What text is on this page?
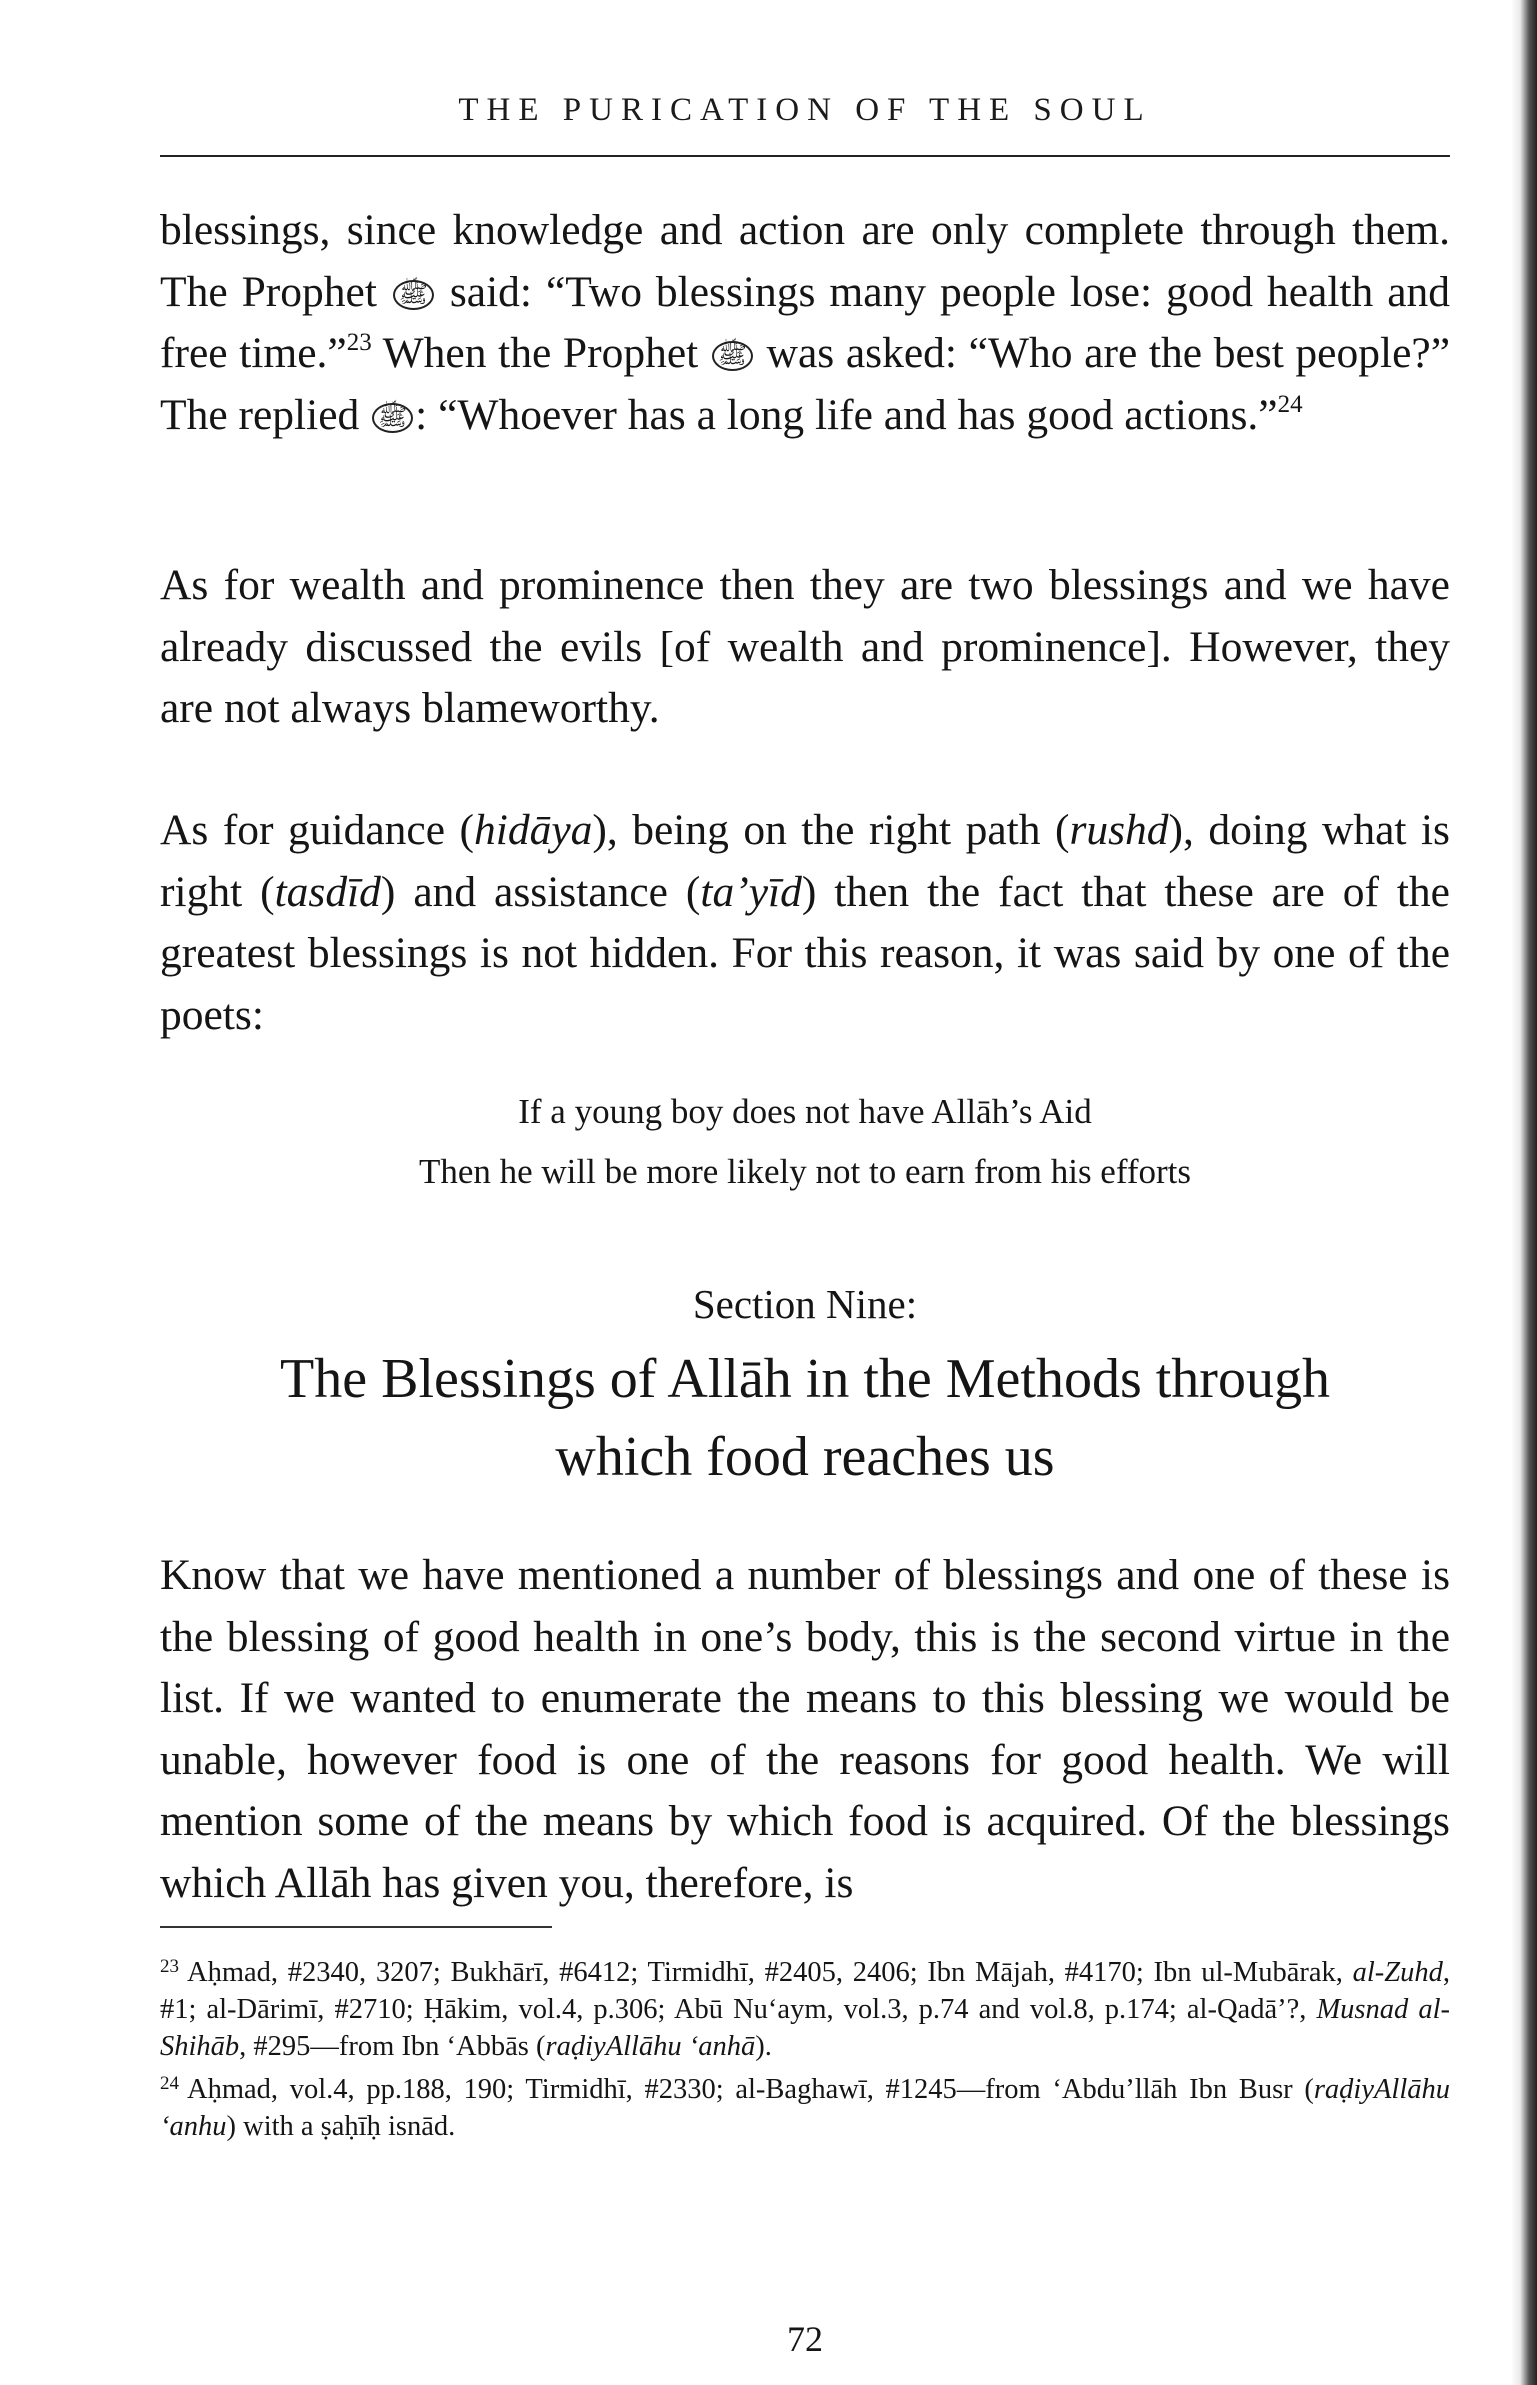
THE PURICATION OF THE SOUL

blessings, since knowledge and action are only complete through them. The Prophet ﷺ said: “Two blessings many people lose: good health and free time.”$^{23}$ When the Prophet ﷺ was asked: “Who are the best people?” The replied ﷺ : “Whoever has a long life and has good actions.”$^{24}$

As for wealth and prominence then they are two blessings and we have already discussed the evils [of wealth and prominence]. However, they are not always blameworthy.

As for guidance (hidāya), being on the right path (rushd), doing what is right (tasdīd) and assistance (ta’yīd) then the fact that these are of the greatest blessings is not hidden. For this reason, it was said by one of the poets:

If a young boy does not have Allāh’s Aid
Then he will be more likely not to earn from his efforts
Section Nine:
The Blessings of Allāh in the Methods through
which food reaches us

Know that we have mentioned a number of blessings and one of these is the blessing of good health in one’s body, this is the second virtue in the list. If we wanted to enumerate the means to this blessing we would be unable, however food is one of the reasons for good health. We will mention some of the means by which food is acquired. Of the blessings which Allāh has given you, therefore, is

$^{23}$ Aḥmad, #2340, 3207; Bukhārī, #6412; Tirmidhī, #2405, 2406; Ibn Mājah, #4170; Ibn ul-Mubārak, al-Zuhd, #1; al-Dārimī, #2710; Ḥākim, vol.4, p.306; Abū Nu‘aym, vol.3, p.74 and vol.8, p.174; al-Qadā’?, Musnad al-Shihāb, #295—from Ibn ‘Abbās (raḍiyAllāhu ‘anhā).

$^{24}$ Aḥmad, vol.4, pp.188, 190; Tirmidhī, #2330; al-Baghawī, #1245—from ‘Abdu’llāh Ibn Busr (raḍiyAllāhu ‘anhu) with a ṣaḥīḥ isnād.

72
